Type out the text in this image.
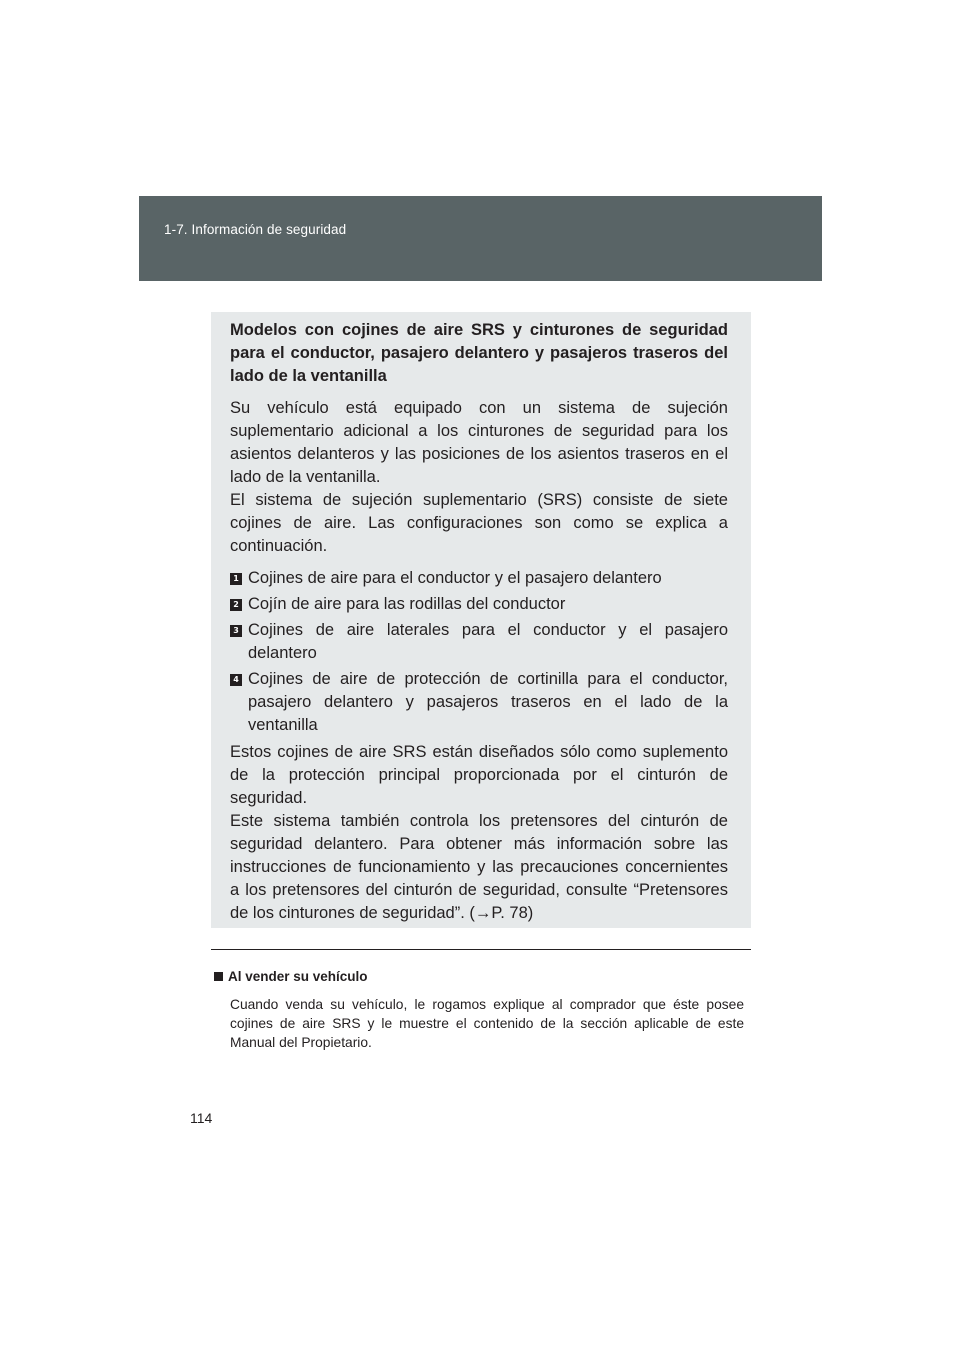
1-7. Información de seguridad

Modelos con cojines de aire SRS y cinturones de seguridad para el conductor, pasajero delantero y pasajeros traseros del lado de la ventanilla

Su vehículo está equipado con un sistema de sujeción suplementario adicional a los cinturones de seguridad para los asientos delanteros y las posiciones de los asientos traseros en el lado de la ventanilla.

El sistema de sujeción suplementario (SRS) consiste de siete cojines de aire. Las configuraciones son como se explica a continuación.

1 Cojines de aire para el conductor y el pasajero delantero

2 Cojín de aire para las rodillas del conductor

3 Cojines de aire laterales para el conductor y el pasajero delantero

4 Cojines de aire de protección de cortinilla para el conductor, pasajero delantero y pasajeros traseros en el lado de la ventanilla

Estos cojines de aire SRS están diseñados sólo como suplemento de la protección principal proporcionada por el cinturón de seguridad.

Este sistema también controla los pretensores del cinturón de seguridad delantero. Para obtener más información sobre las instrucciones de funcionamiento y las precauciones concernientes a los pretensores del cinturón de seguridad, consulte “Pretensores de los cinturones de seguridad”. (→P. 78)

Al vender su vehículo

Cuando venda su vehículo, le rogamos explique al comprador que éste posee cojines de aire SRS y le muestre el contenido de la sección aplicable de este Manual del Propietario.

114
